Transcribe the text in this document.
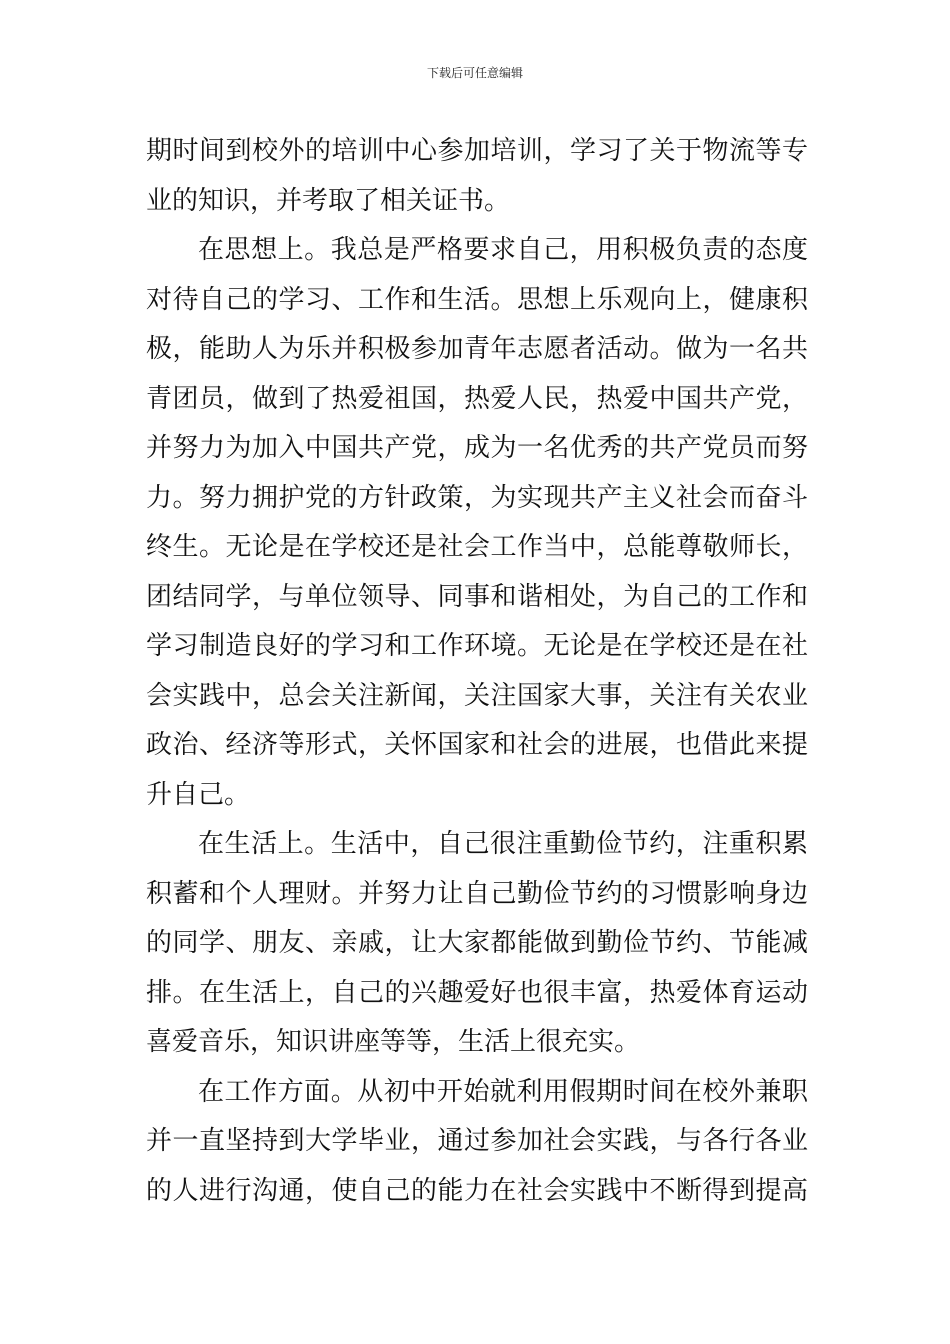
下载后可任意编辑
期时间到校外的培训中心参加培训，学习了关于物流等专
业的知识，并考取了相关证书。
在思想上。我总是严格要求自己，用积极负责的态度
对待自己的学习、工作和生活。思想上乐观向上，健康积
极，能助人为乐并积极参加青年志愿者活动。做为一名共
青团员，做到了热爱祖国，热爱人民，热爱中国共产党，
并努力为加入中国共产党，成为一名优秀的共产党员而努
力。努力拥护党的方针政策，为实现共产主义社会而奋斗
终生。无论是在学校还是社会工作当中，总能尊敬师长，
团结同学，与单位领导、同事和谐相处，为自己的工作和
学习制造良好的学习和工作环境。无论是在学校还是在社
会实践中，总会关注新闻，关注国家大事，关注有关农业
政治、经济等形式，关怀国家和社会的进展，也借此来提
升自己。
在生活上。生活中，自己很注重勤俭节约，注重积累
积蓄和个人理财。并努力让自己勤俭节约的习惯影响身边
的同学、朋友、亲戚，让大家都能做到勤俭节约、节能减
排。在生活上，自己的兴趣爱好也很丰富，热爱体育运动
喜爱音乐，知识讲座等等，生活上很充实。
在工作方面。从初中开始就利用假期时间在校外兼职
并一直坚持到大学毕业，通过参加社会实践，与各行各业
的人进行沟通，使自己的能力在社会实践中不断得到提高
